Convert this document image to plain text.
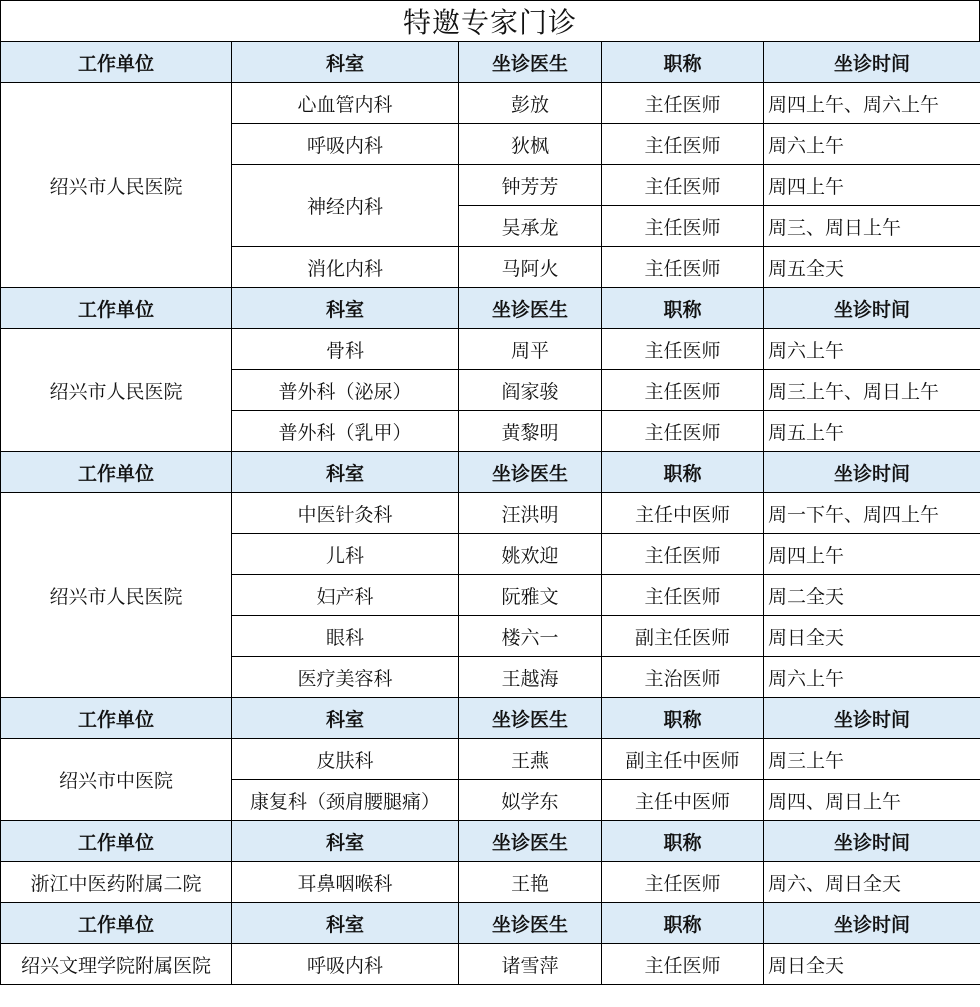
特邀专家门诊
工作单位	科室	坐诊医生	职称	坐诊时间
绍兴市人民医院	心血管内科	彭放	主任医师	周四上午、周六上午
	呼吸内科	狄枫	主任医师	周六上午
	神经内科	钟芳芳	主任医师	周四上午
		吴承龙	主任医师	周三、周日上午
	消化内科	马阿火	主任医师	周五全天
工作单位	科室	坐诊医生	职称	坐诊时间
绍兴市人民医院	骨科	周平	主任医师	周六上午
	普外科（泌尿）	阎家骏	主任医师	周三上午、周日上午
	普外科（乳甲）	黄黎明	主任医师	周五上午
工作单位	科室	坐诊医生	职称	坐诊时间
绍兴市人民医院	中医针灸科	汪洪明	主任中医师	周一下午、周四上午
	儿科	姚欢迎	主任医师	周四上午
	妇产科	阮雅文	主任医师	周二全天
	眼科	楼六一	副主任医师	周日全天
	医疗美容科	王越海	主治医师	周六上午
工作单位	科室	坐诊医生	职称	坐诊时间
绍兴市中医院	皮肤科	王燕	副主任中医师	周三上午
	康复科（颈肩腰腿痛）	姒学东	主任中医师	周四、周日上午
工作单位	科室	坐诊医生	职称	坐诊时间
浙江中医药附属二院	耳鼻咽喉科	王艳	主任医师	周六、周日全天
工作单位	科室	坐诊医生	职称	坐诊时间
绍兴文理学院附属医院	呼吸内科	诸雪萍	主任医师	周日全天
